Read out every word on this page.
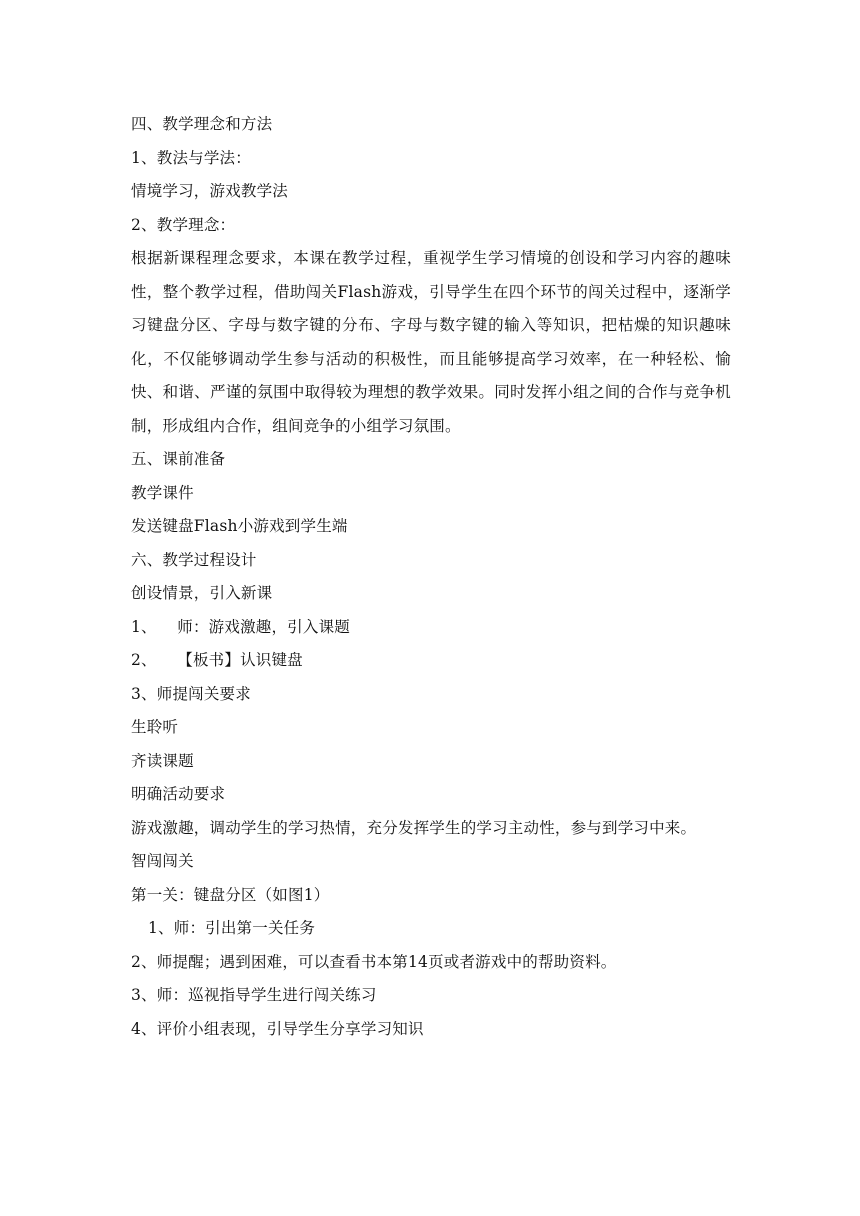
四、教学理念和方法
1、教法与学法：
情境学习，游戏教学法
2、教学理念：
根据新课程理念要求，本课在教学过程，重视学生学习情境的创设和学习内容的趣味性，整个教学过程，借助闯关Flash游戏，引导学生在四个环节的闯关过程中，逐渐学习键盘分区、字母与数字键的分布、字母与数字键的输入等知识，把枯燥的知识趣味化，不仅能够调动学生参与活动的积极性，而且能够提高学习效率，在一种轻松、愉快、和谐、严谨的氛围中取得较为理想的教学效果。同时发挥小组之间的合作与竞争机制，形成组内合作，组间竞争的小组学习氛围。
五、课前准备
教学课件
发送键盘Flash小游戏到学生端
六、教学过程设计
创设情景，引入新课
1、    师：游戏激趣，引入课题
2、    【板书】认识键盘
3、师提闯关要求
生聆听
齐读课题
明确活动要求
游戏激趣，调动学生的学习热情，充分发挥学生的学习主动性，参与到学习中来。
智闯闯关
第一关：键盘分区（如图1）
1、师：引出第一关任务
2、师提醒；遇到困难，可以查看书本第14页或者游戏中的帮助资料。
3、师：巡视指导学生进行闯关练习
4、评价小组表现，引导学生分享学习知识
